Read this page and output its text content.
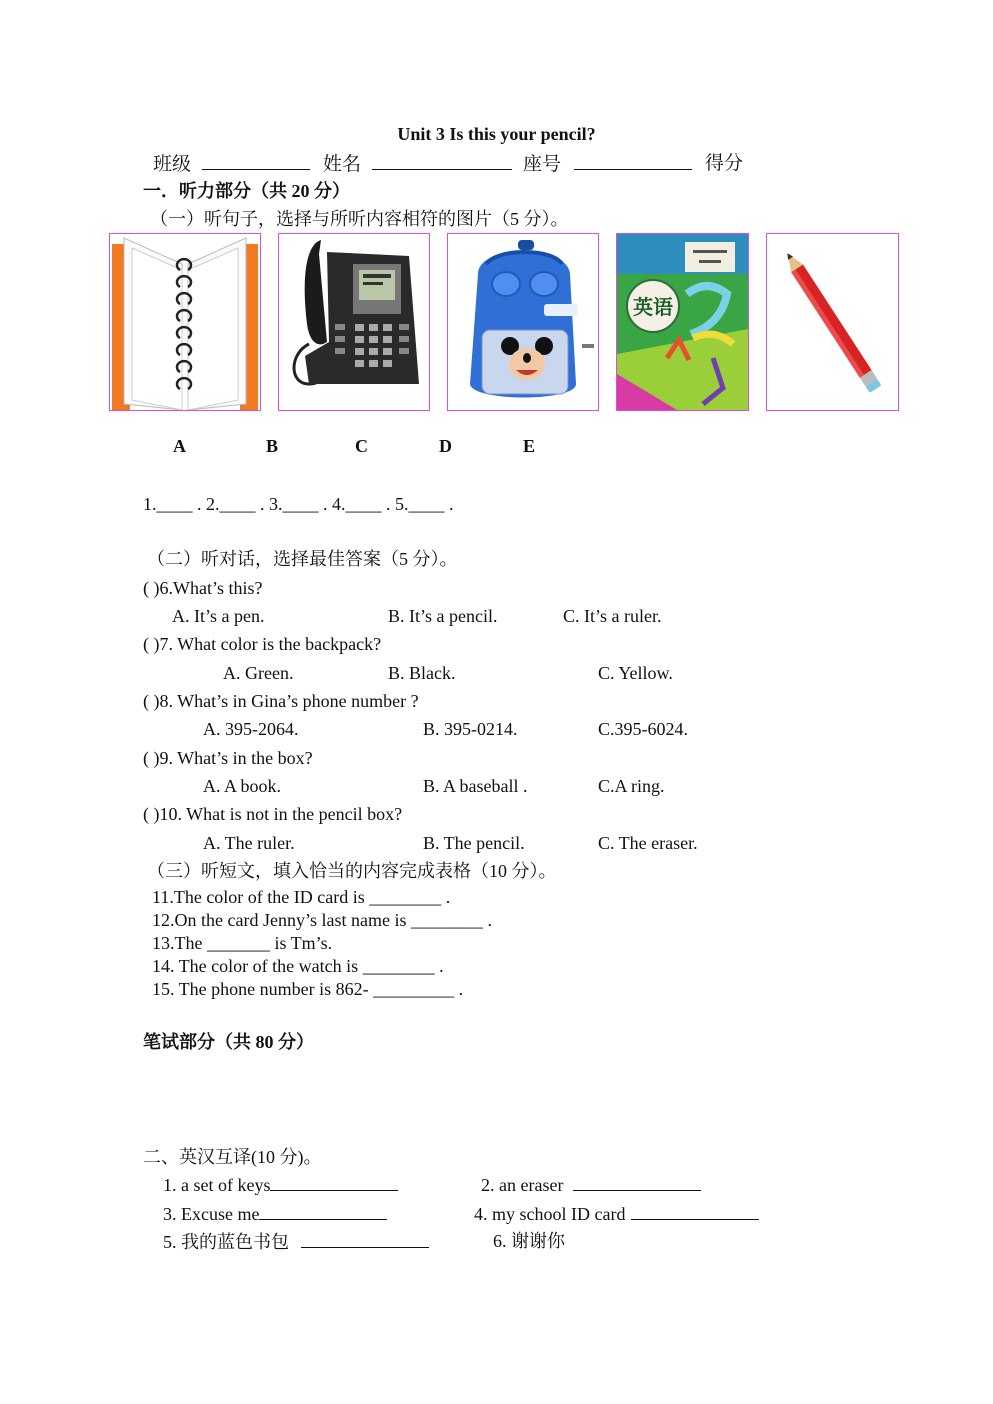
Unit 3 Is this your pencil?
班级	姓名	座号	得分
一．听力部分（共 20 分）
（一）听句子，选择与所听内容相符的图片（5 分）。
英语
A	B	C	D	E
1.____ . 2.____ . 3.____ . 4.____ . 5.____ .
（二）听对话，选择最佳答案（5 分）。
( )6.What’s this?
A. It’s a pen.	B. It’s a pencil.	C. It’s a ruler.
( )7. What color is the backpack?
A. Green.	B. Black.	C. Yellow.
( )8. What’s in Gina’s phone number ?
A. 395-2064.	B. 395-0214.	C.395-6024.
( )9. What’s in the box?
A. A book.	B. A baseball .	C.A ring.
( )10. What is not in the pencil box?
A. The ruler.	B. The pencil.	C. The eraser.
（三）听短文，填入恰当的内容完成表格（10 分）。
11.The color of the ID card is ________ .
12.On the card Jenny’s last name is ________ .
13.The _______ is Tm’s.
14. The color of the watch is ________ .
15. The phone number is 862- _________ .
笔试部分（共 80 分）
二、英汉互译(10 分)。
1. a set of keys	2. an eraser
3. Excuse me	4. my school ID card
5. 我的蓝色书包	6. 谢谢你
